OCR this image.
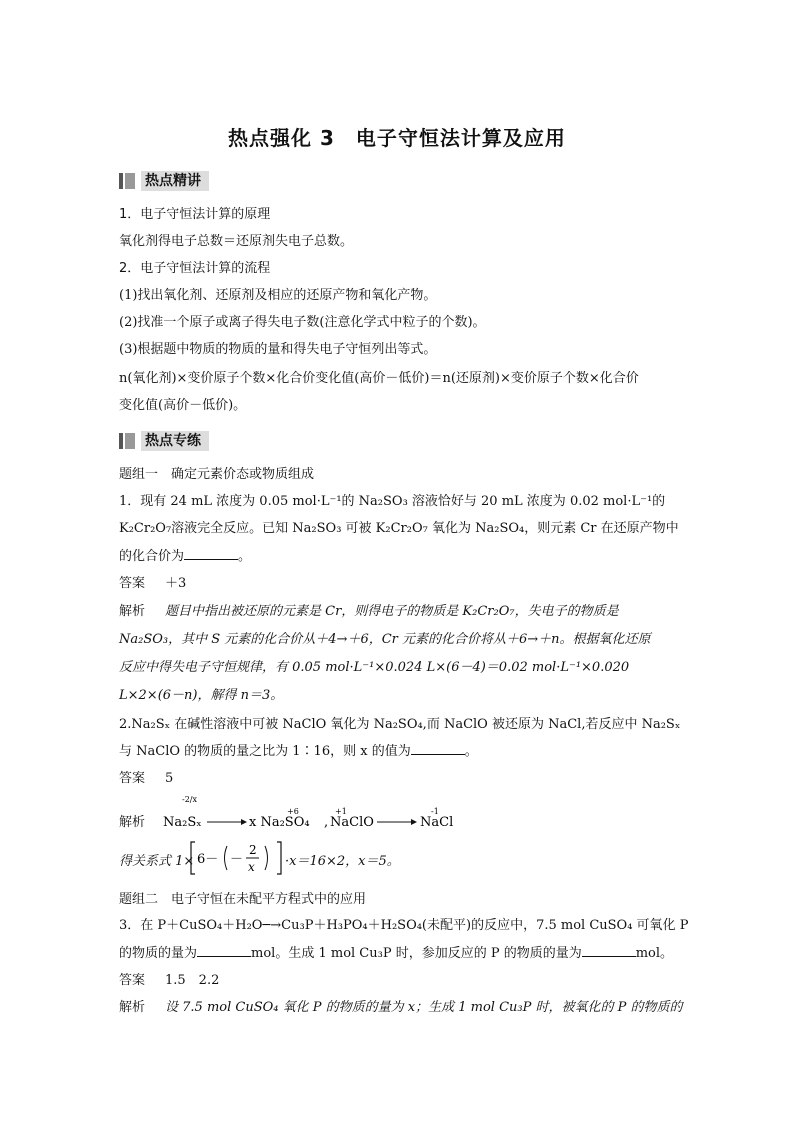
热点强化 3　电子守恒法计算及应用
热点精讲
1．电子守恒法计算的原理
氧化剂得电子总数＝还原剂失电子总数。
2．电子守恒法计算的流程
(1)找出氧化剂、还原剂及相应的还原产物和氧化产物。
(2)找准一个原子或离子得失电子数(注意化学式中粒子的个数)。
(3)根据题中物质的物质的量和得失电子守恒列出等式。
n(氧化剂)×变价原子个数×化合价变化值(高价－低价)＝n(还原剂)×变价原子个数×化合价
变化值(高价－低价)。
热点专练
题组一　确定元素价态或物质组成
1．现有 24 mL 浓度为 0.05 mol·L⁻¹的 Na₂SO₃ 溶液恰好与 20 mL 浓度为 0.02 mol·L⁻¹的
K₂Cr₂O₇溶液完全反应。已知 Na₂SO₃ 可被 K₂Cr₂O₇ 氧化为 Na₂SO₄，则元素 Cr 在还原产物中
的化合价为	。
答案 ＋3
解析 题目中指出被还原的元素是 Cr，则得电子的物质是 K₂Cr₂O₇，失电子的物质是
Na₂SO₃，其中 S 元素的化合价从＋4→＋6，Cr 元素的化合价将从＋6→＋n。根据氧化还原
反应中得失电子守恒规律，有 0.05 mol·L⁻¹×0.024 L×(6－4)＝0.02 mol·L⁻¹×0.020
L×2×(6－n)，解得 n＝3。
2.Na₂Sₓ 在碱性溶液中可被 NaClO 氧化为 Na₂SO₄,而 NaClO 被还原为 NaCl,若反应中 Na₂Sₓ
与 NaClO 的物质的量之比为 1∶16，则 x 的值为	。
答案 5
解析
-2/x
Na₂Sₓ
+6
x Na₂SO₄ ,
+1
NaClO
-1
NaCl
得关系式 1× 6－ －
2
x ·x＝16×2，x＝5。
题组二　电子守恒在未配平方程式中的应用
3．在 P＋CuSO₄＋H₂O─→Cu₃P＋H₃PO₄＋H₂SO₄(未配平)的反应中，7.5 mol CuSO₄ 可氧化 P
的物质的量为	mol。生成 1 mol Cu₃P 时，参加反应的 P 的物质的量为	mol。
答案 1.5　2.2
解析 设 7.5 mol CuSO₄ 氧化 P 的物质的量为 x；生成 1 mol Cu₃P 时，被氧化的 P 的物质的
